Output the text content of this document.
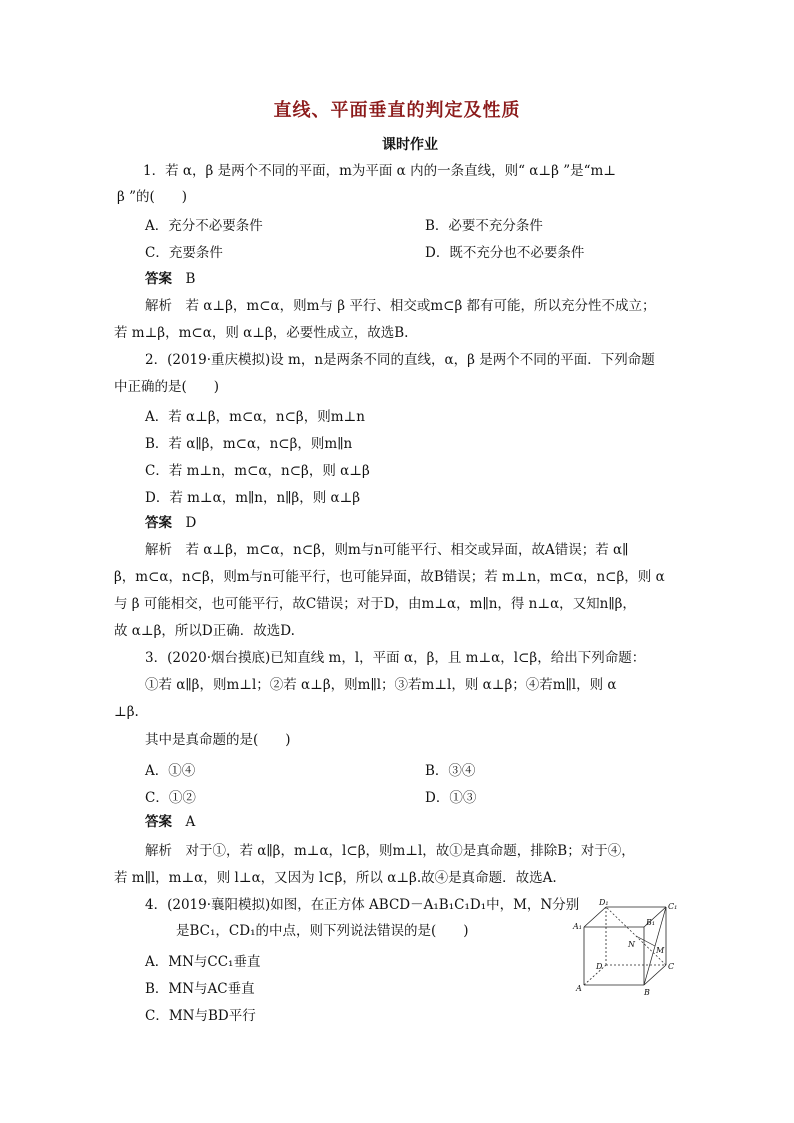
直线、平面垂直的判定及性质
课时作业
1．若 α，β 是两个不同的平面，m为平面 α 内的一条直线，则“ α⊥β ”是“m⊥
β ”的(　　)
A．充分不必要条件	B．必要不充分条件
C．充要条件	D．既不充分也不必要条件
答案　 B
解析　若 α⊥β，m⊂α，则m与 β 平行、相交或m⊂β 都有可能，所以充分性不成立；
若 m⊥β，m⊂α，则 α⊥β，必要性成立，故选B.
2．(2019·重庆模拟)设 m，n是两条不同的直线，α，β 是两个不同的平面．下列命题
中正确的是(　　)
A．若 α⊥β，m⊂α，n⊂β，则m⊥n
B．若 α∥β，m⊂α，n⊂β，则m∥n
C．若 m⊥n，m⊂α，n⊂β，则 α⊥β
D．若 m⊥α，m∥n，n∥β，则 α⊥β
答案　 D
解析　若 α⊥β，m⊂α，n⊂β，则m与n可能平行、相交或异面，故A错误；若 α∥
β，m⊂α，n⊂β，则m与n可能平行，也可能异面，故B错误；若 m⊥n，m⊂α，n⊂β，则 α
与 β 可能相交，也可能平行，故C错误；对于D，由m⊥α，m∥n，得 n⊥α，又知n∥β，
故 α⊥β，所以D正确．故选D.
3．(2020·烟台摸底)已知直线 m，l，平面 α，β，且 m⊥α，l⊂β，给出下列命题：
①若 α∥β，则m⊥l；②若 α⊥β，则m∥l；③若m⊥l，则 α⊥β；④若m∥l，则 α
⊥β.
其中是真命题的是(　　)
A．①④	B．③④
C．①②	D．①③
答案　 A
解析　对于①，若 α∥β，m⊥α，l⊂β，则m⊥l，故①是真命题，排除B；对于④，
若 m∥l，m⊥α，则 l⊥α，又因为 l⊂β，所以 α⊥β.故④是真命题．故选A.
4．(2019·襄阳模拟)如图，在正方体 ABCD－A₁B₁C₁D₁中，M，N分别
是BC₁，CD₁的中点，则下列说法错误的是(　　)
A．MN与CC₁垂直
B．MN与AC垂直
C．MN与BD平行
D₁	C₁
A₁	B₁
N
M
D	C
A	B
